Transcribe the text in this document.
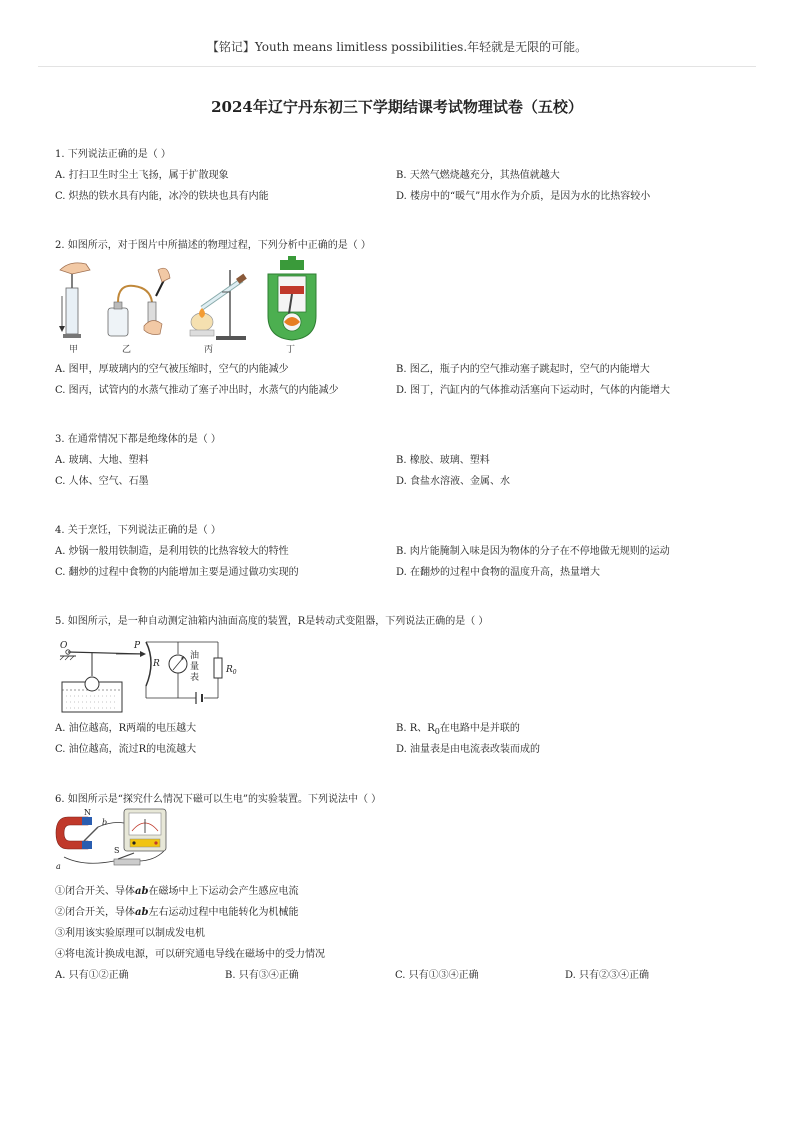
【铭记】Youth means limitless possibilities.年轻就是无限的可能。
2024年辽宁丹东初三下学期结课考试物理试卷（五校）
1. 下列说法正确的是（ ）
A. 打扫卫生时尘土飞扬，属于扩散现象	B. 天然气燃烧越充分，其热值就越大
C. 炽热的铁水具有内能，冰冷的铁块也具有内能	D. 楼房中的“暖气”用水作为介质，是因为水的比热容较小
2. 如图所示，对于图片中所描述的物理过程，下列分析中正确的是（ ）
甲	乙	丙	丁
A. 图甲，厚玻璃内的空气被压缩时，空气的内能减少	B. 图乙，瓶子内的空气推动塞子跳起时，空气的内能增大
C. 图丙，试管内的水蒸气推动了塞子冲出时，水蒸气的内能减少	D. 图丁，汽缸内的气体推动活塞向下运动时，气体的内能增大
3. 在通常情况下都是绝缘体的是（ ）
A. 玻璃、大地、塑料	B. 橡胶、玻璃、塑料
C. 人体、空气、石墨	D. 食盐水溶液、金属、水
4. 关于烹饪，下列说法正确的是（ ）
A. 炒锅一般用铁制造，是利用铁的比热容较大的特性	B. 肉片能腌制入味是因为物体的分子在不停地做无规则的运动
C. 翻炒的过程中食物的内能增加主要是通过做功实现的	D. 在翻炒的过程中食物的温度升高，热量增大
5. 如图所示，是一种自动测定油箱内油面高度的装置，R是转动式变阻器，下列说法正确的是（ ）
O	P
R
油
量
表
$R_0$
A. 油位越高，R两端的电压越大	B. R、$R_0$在电路中是并联的
C. 油位越高，流过R的电流越大	D. 油量表是由电流表改装而成的
6. 如图所示是“探究什么情况下磁可以生电”的实验装置。下列说法中（ ）
N
b
a
S
①闭合开关、导体ab在磁场中上下运动会产生感应电流
②闭合开关，导体ab左右运动过程中电能转化为机械能
③利用该实验原理可以制成发电机
④将电流计换成电源，可以研究通电导线在磁场中的受力情况
A. 只有①②正确	B. 只有③④正确	C. 只有①③④正确	D. 只有②③④正确
